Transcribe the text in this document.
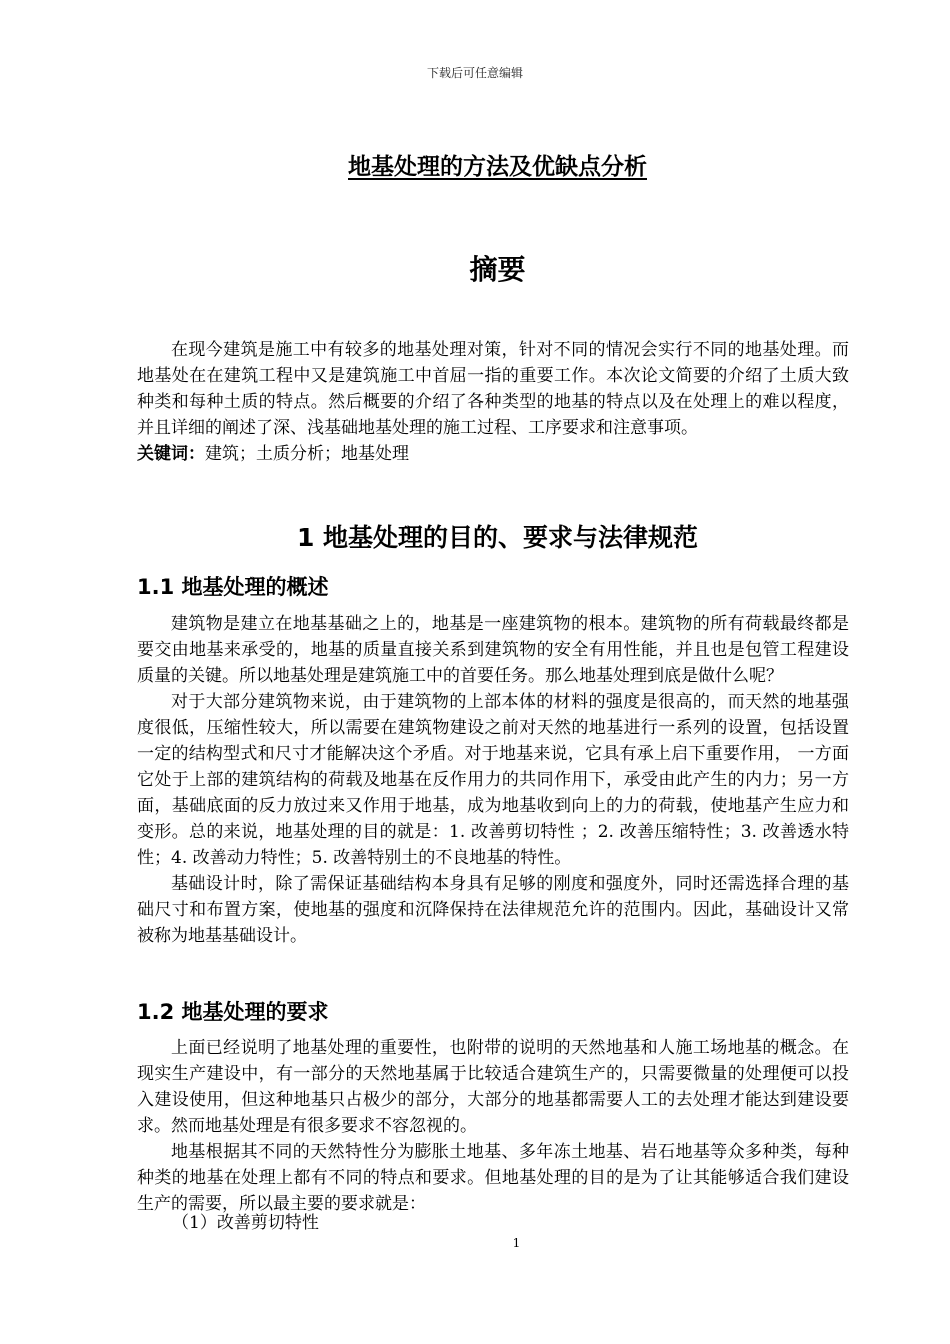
下载后可任意编辑
地基处理的方法及优缺点分析
摘要

在现今建筑是施工中有较多的地基处理对策，针对不同的情况会实行不同的地基处理。而地基处在在建筑工程中又是建筑施工中首屈一指的重要工作。本次论文简要的介绍了土质大致种类和每种土质的特点。然后概要的介绍了各种类型的地基的特点以及在处理上的难以程度，并且详细的阐述了深、浅基础地基处理的施工过程、工序要求和注意事项。

关键词：建筑；土质分析；地基处理
1 地基处理的目的、要求与法律规范
1.1 地基处理的概述

建筑物是建立在地基基础之上的，地基是一座建筑物的根本。建筑物的所有荷载最终都是要交由地基来承受的，地基的质量直接关系到建筑物的安全有用性能，并且也是包管工程建设质量的关键。所以地基处理是建筑施工中的首要任务。那么地基处理到底是做什么呢？

对于大部分建筑物来说，由于建筑物的上部本体的材料的强度是很高的，而天然的地基强度很低，压缩性较大，所以需要在建筑物建设之前对天然的地基进行一系列的设置，包括设置一定的结构型式和尺寸才能解决这个矛盾。对于地基来说，它具有承上启下重要作用， 一方面它处于上部的建筑结构的荷载及地基在反作用力的共同作用下，承受由此产生的内力；另一方面，基础底面的反力放过来又作用于地基，成为地基收到向上的力的荷载，使地基产生应力和变形。总的来说，地基处理的目的就是：1. 改善剪切特性 ；2. 改善压缩特性；3. 改善透水特性；4. 改善动力特性；5. 改善特别土的不良地基的特性。

基础设计时，除了需保证基础结构本身具有足够的刚度和强度外，同时还需选择合理的基础尺寸和布置方案，使地基的强度和沉降保持在法律规范允许的范围内。因此，基础设计又常被称为地基基础设计。

1.2 地基处理的要求

上面已经说明了地基处理的重要性，也附带的说明的天然地基和人施工场地基的概念。在现实生产建设中，有一部分的天然地基属于比较适合建筑生产的，只需要微量的处理便可以投入建设使用，但这种地基只占极少的部分，大部分的地基都需要人工的去处理才能达到建设要求。然而地基处理是有很多要求不容忽视的。

地基根据其不同的天然特性分为膨胀土地基、多年冻土地基、岩石地基等众多种类，每种种类的地基在处理上都有不同的特点和要求。但地基处理的目的是为了让其能够适合我们建设生产的需要，所以最主要的要求就是：

（1）改善剪切特性
1
